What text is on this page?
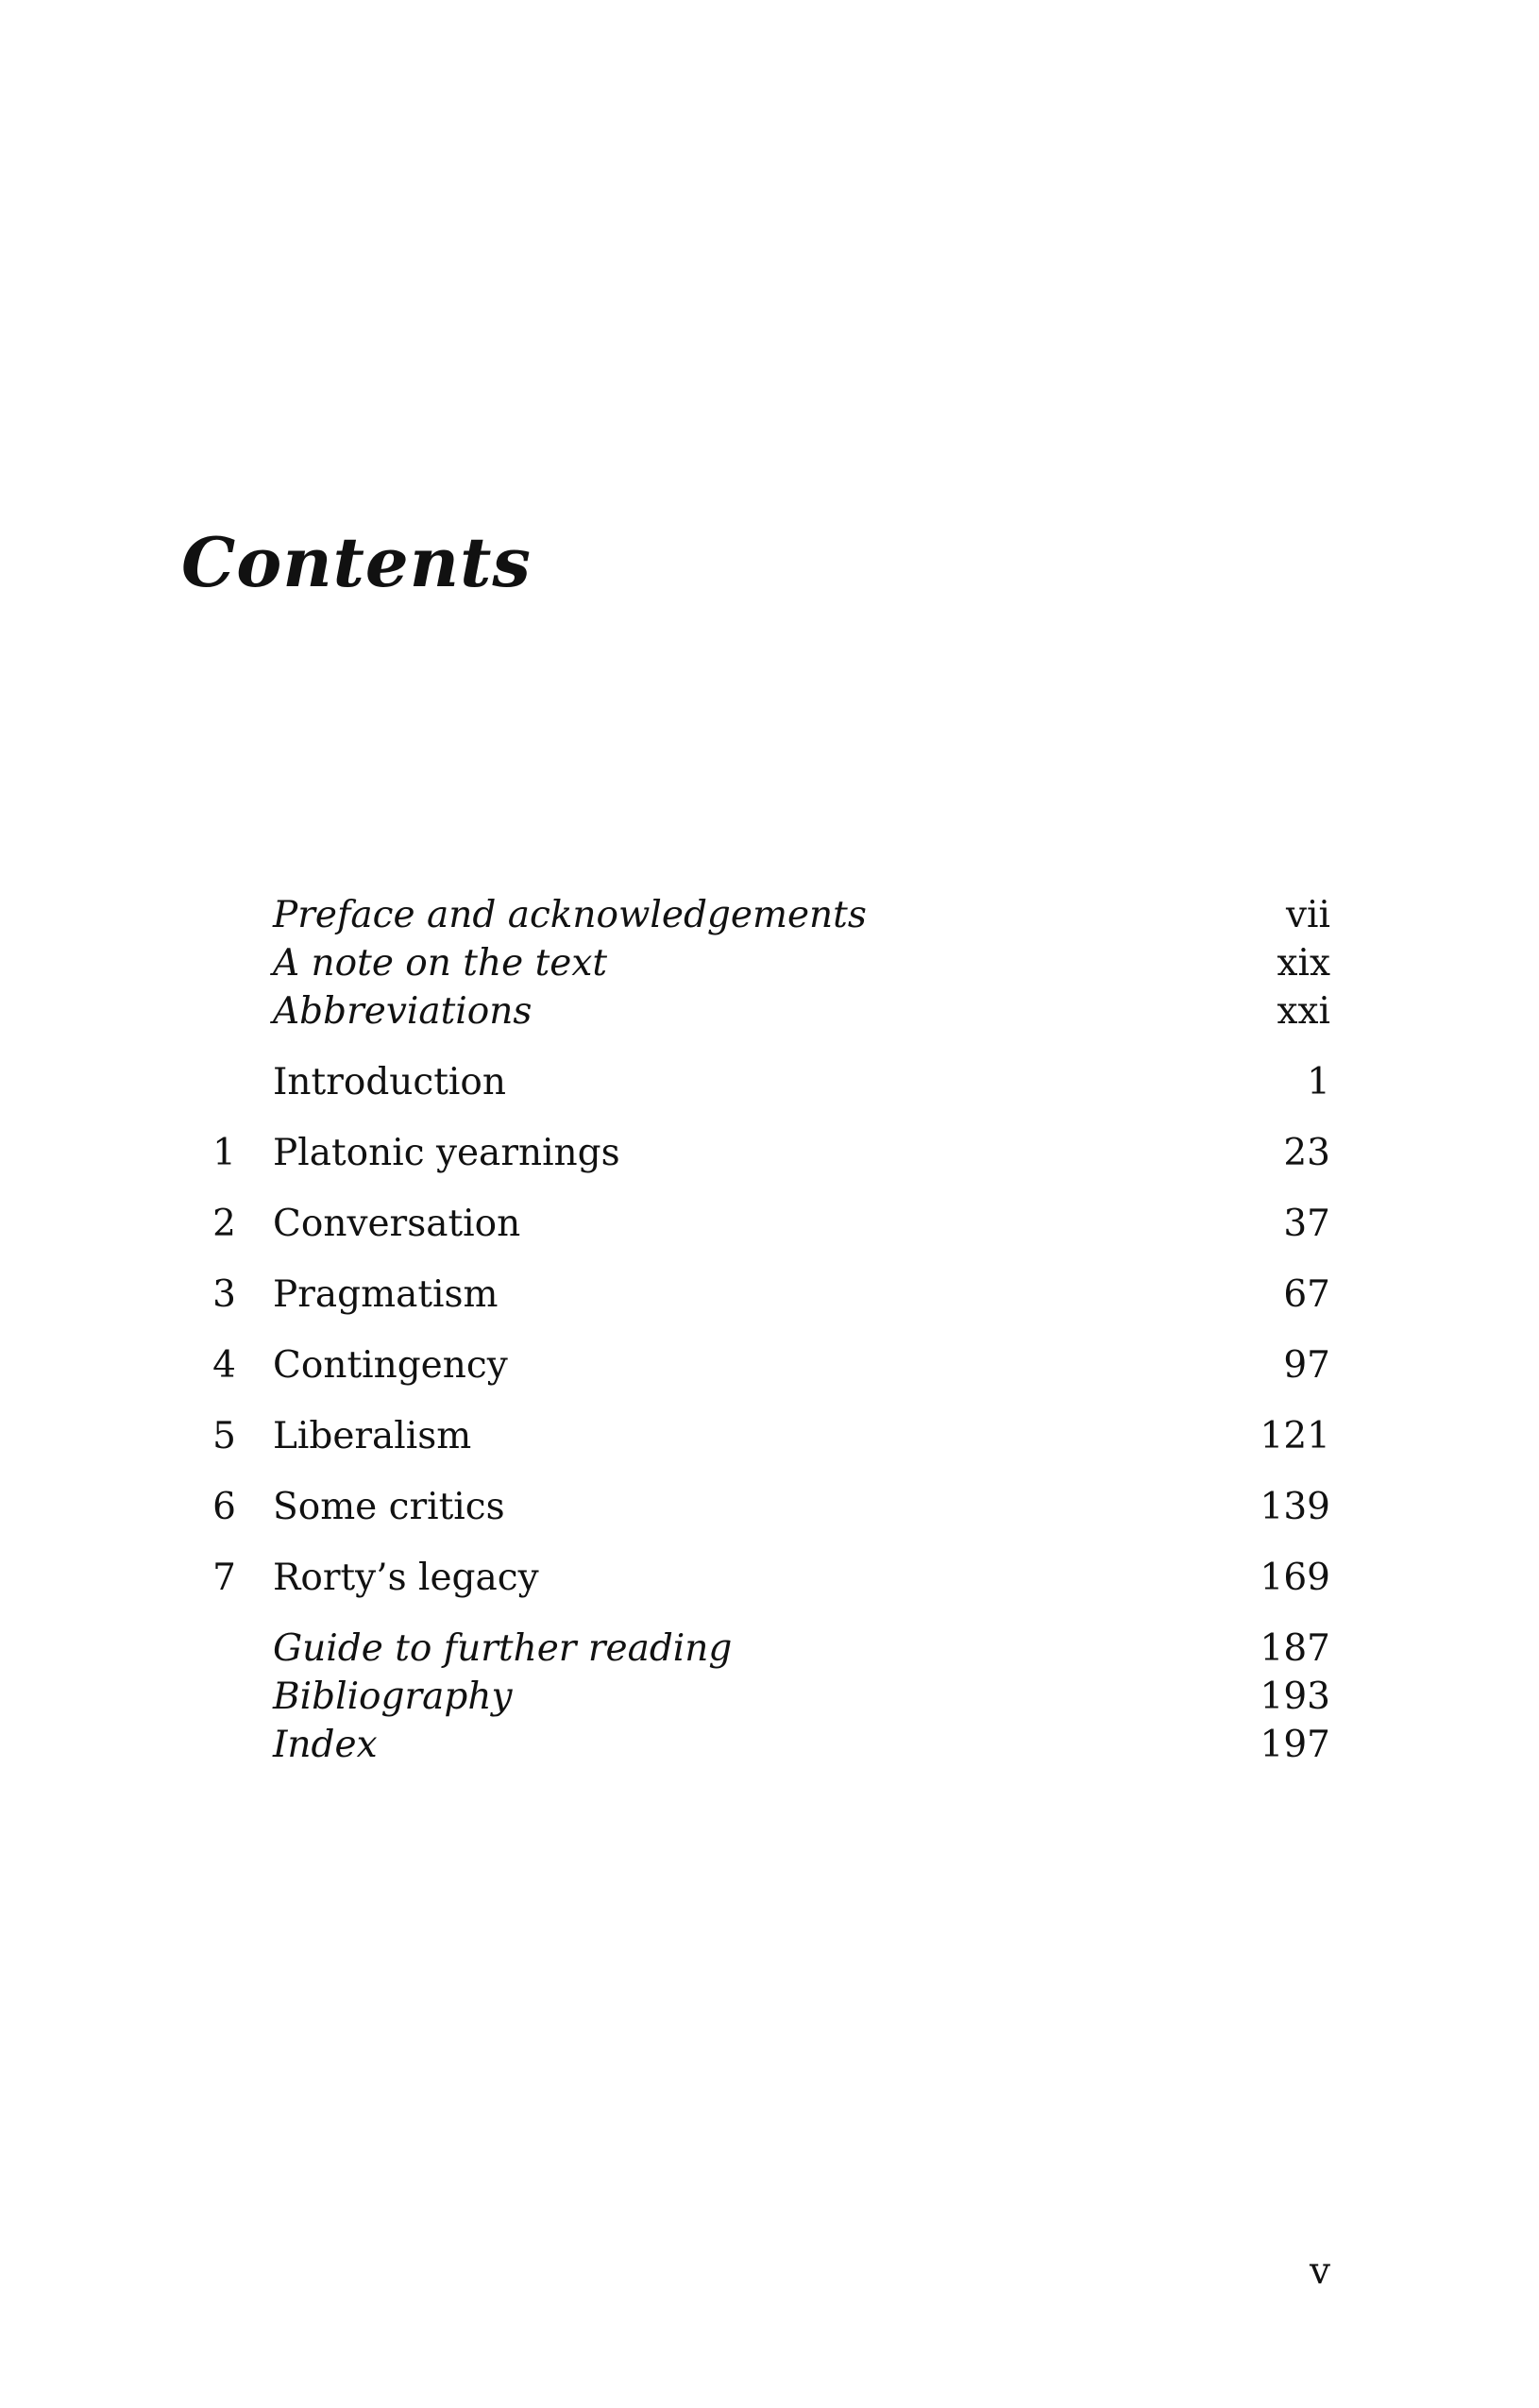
Contents
Preface and acknowledgements	vii
A note on the text	xix
Abbreviations	xxi
Introduction	1
1 Platonic yearnings	23
2 Conversation	37
3 Pragmatism	67
4 Contingency	97
5 Liberalism	121
6 Some critics	139
7 Rorty’s legacy	169
Guide to further reading	187
Bibliography	193
Index	197
v
